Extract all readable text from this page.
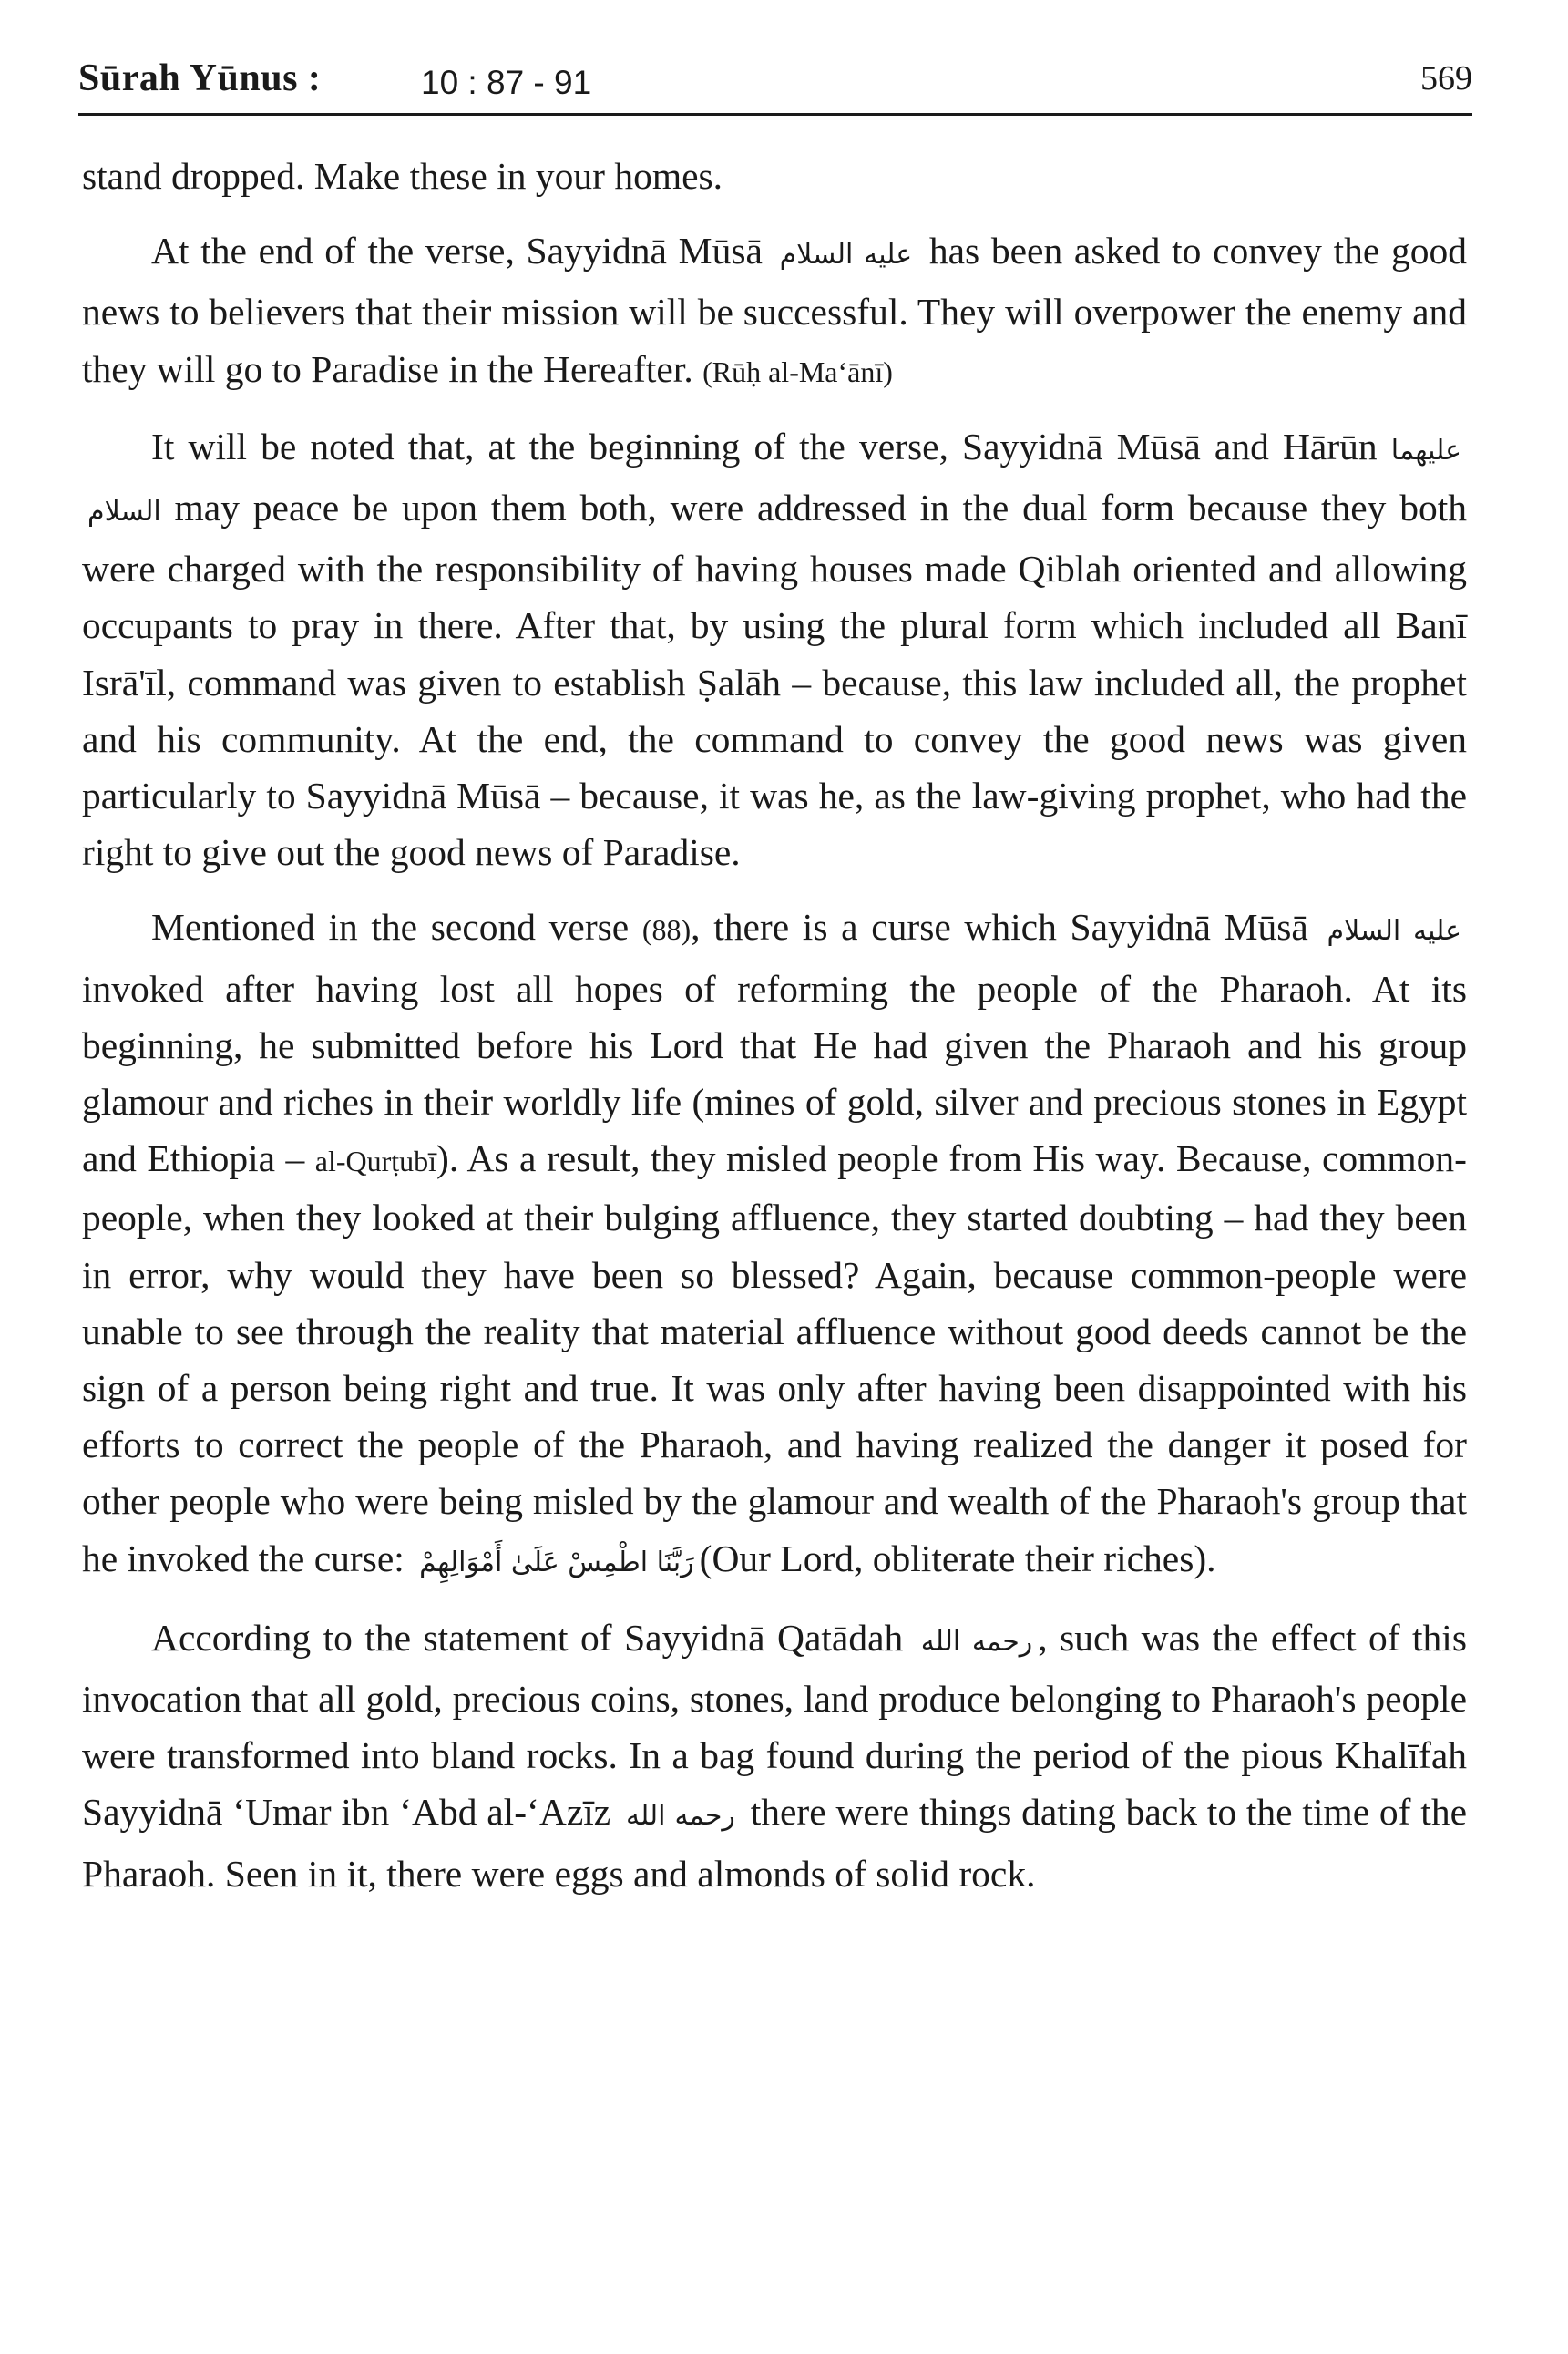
Sūrah Yūnus :	10 : 87 - 91	569

stand dropped. Make these in your homes.

At the end of the verse, Sayyidnā Mūsā عليه السلام has been asked to convey the good news to believers that their mission will be successful. They will overpower the enemy and they will go to Paradise in the Hereafter. (Rūḥ al-Maʻānī)

It will be noted that, at the beginning of the verse, Sayyidnā Mūsā and Hārūn عليهما السلام may peace be upon them both, were addressed in the dual form because they both were charged with the responsibility of having houses made Qiblah oriented and allowing occupants to pray in there. After that, by using the plural form which included all Banī Isrā'īl, command was given to establish Ṣalāh – because, this law included all, the prophet and his community. At the end, the command to convey the good news was given particularly to Sayyidnā Mūsā – because, it was he, as the law-giving prophet, who had the right to give out the good news of Paradise.

Mentioned in the second verse (88), there is a curse which Sayyidnā Mūsā عليه السلام invoked after having lost all hopes of reforming the people of the Pharaoh. At its beginning, he submitted before his Lord that He had given the Pharaoh and his group glamour and riches in their worldly life (mines of gold, silver and precious stones in Egypt and Ethiopia – al-Qurṭubī). As a result, they misled people from His way. Because, common-people, when they looked at their bulging affluence, they started doubting – had they been in error, why would they have been so blessed? Again, because common-people were unable to see through the reality that material affluence without good deeds cannot be the sign of a person being right and true. It was only after having been disappointed with his efforts to correct the people of the Pharaoh, and having realized the danger it posed for other people who were being misled by the glamour and wealth of the Pharaoh's group that he invoked the curse: رَبَّنَا اطْمِسْ عَلَىٰ أَمْوَالِهِمْ (Our Lord, obliterate their riches).

According to the statement of Sayyidnā Qatādah رحمه الله , such was the effect of this invocation that all gold, precious coins, stones, land produce belonging to Pharaoh's people were transformed into bland rocks. In a bag found during the period of the pious Khalīfah Sayyidnā ʻUmar ibn ʻAbd al-ʻAzīz رحمه الله there were things dating back to the time of the Pharaoh. Seen in it, there were eggs and almonds of solid rock.
